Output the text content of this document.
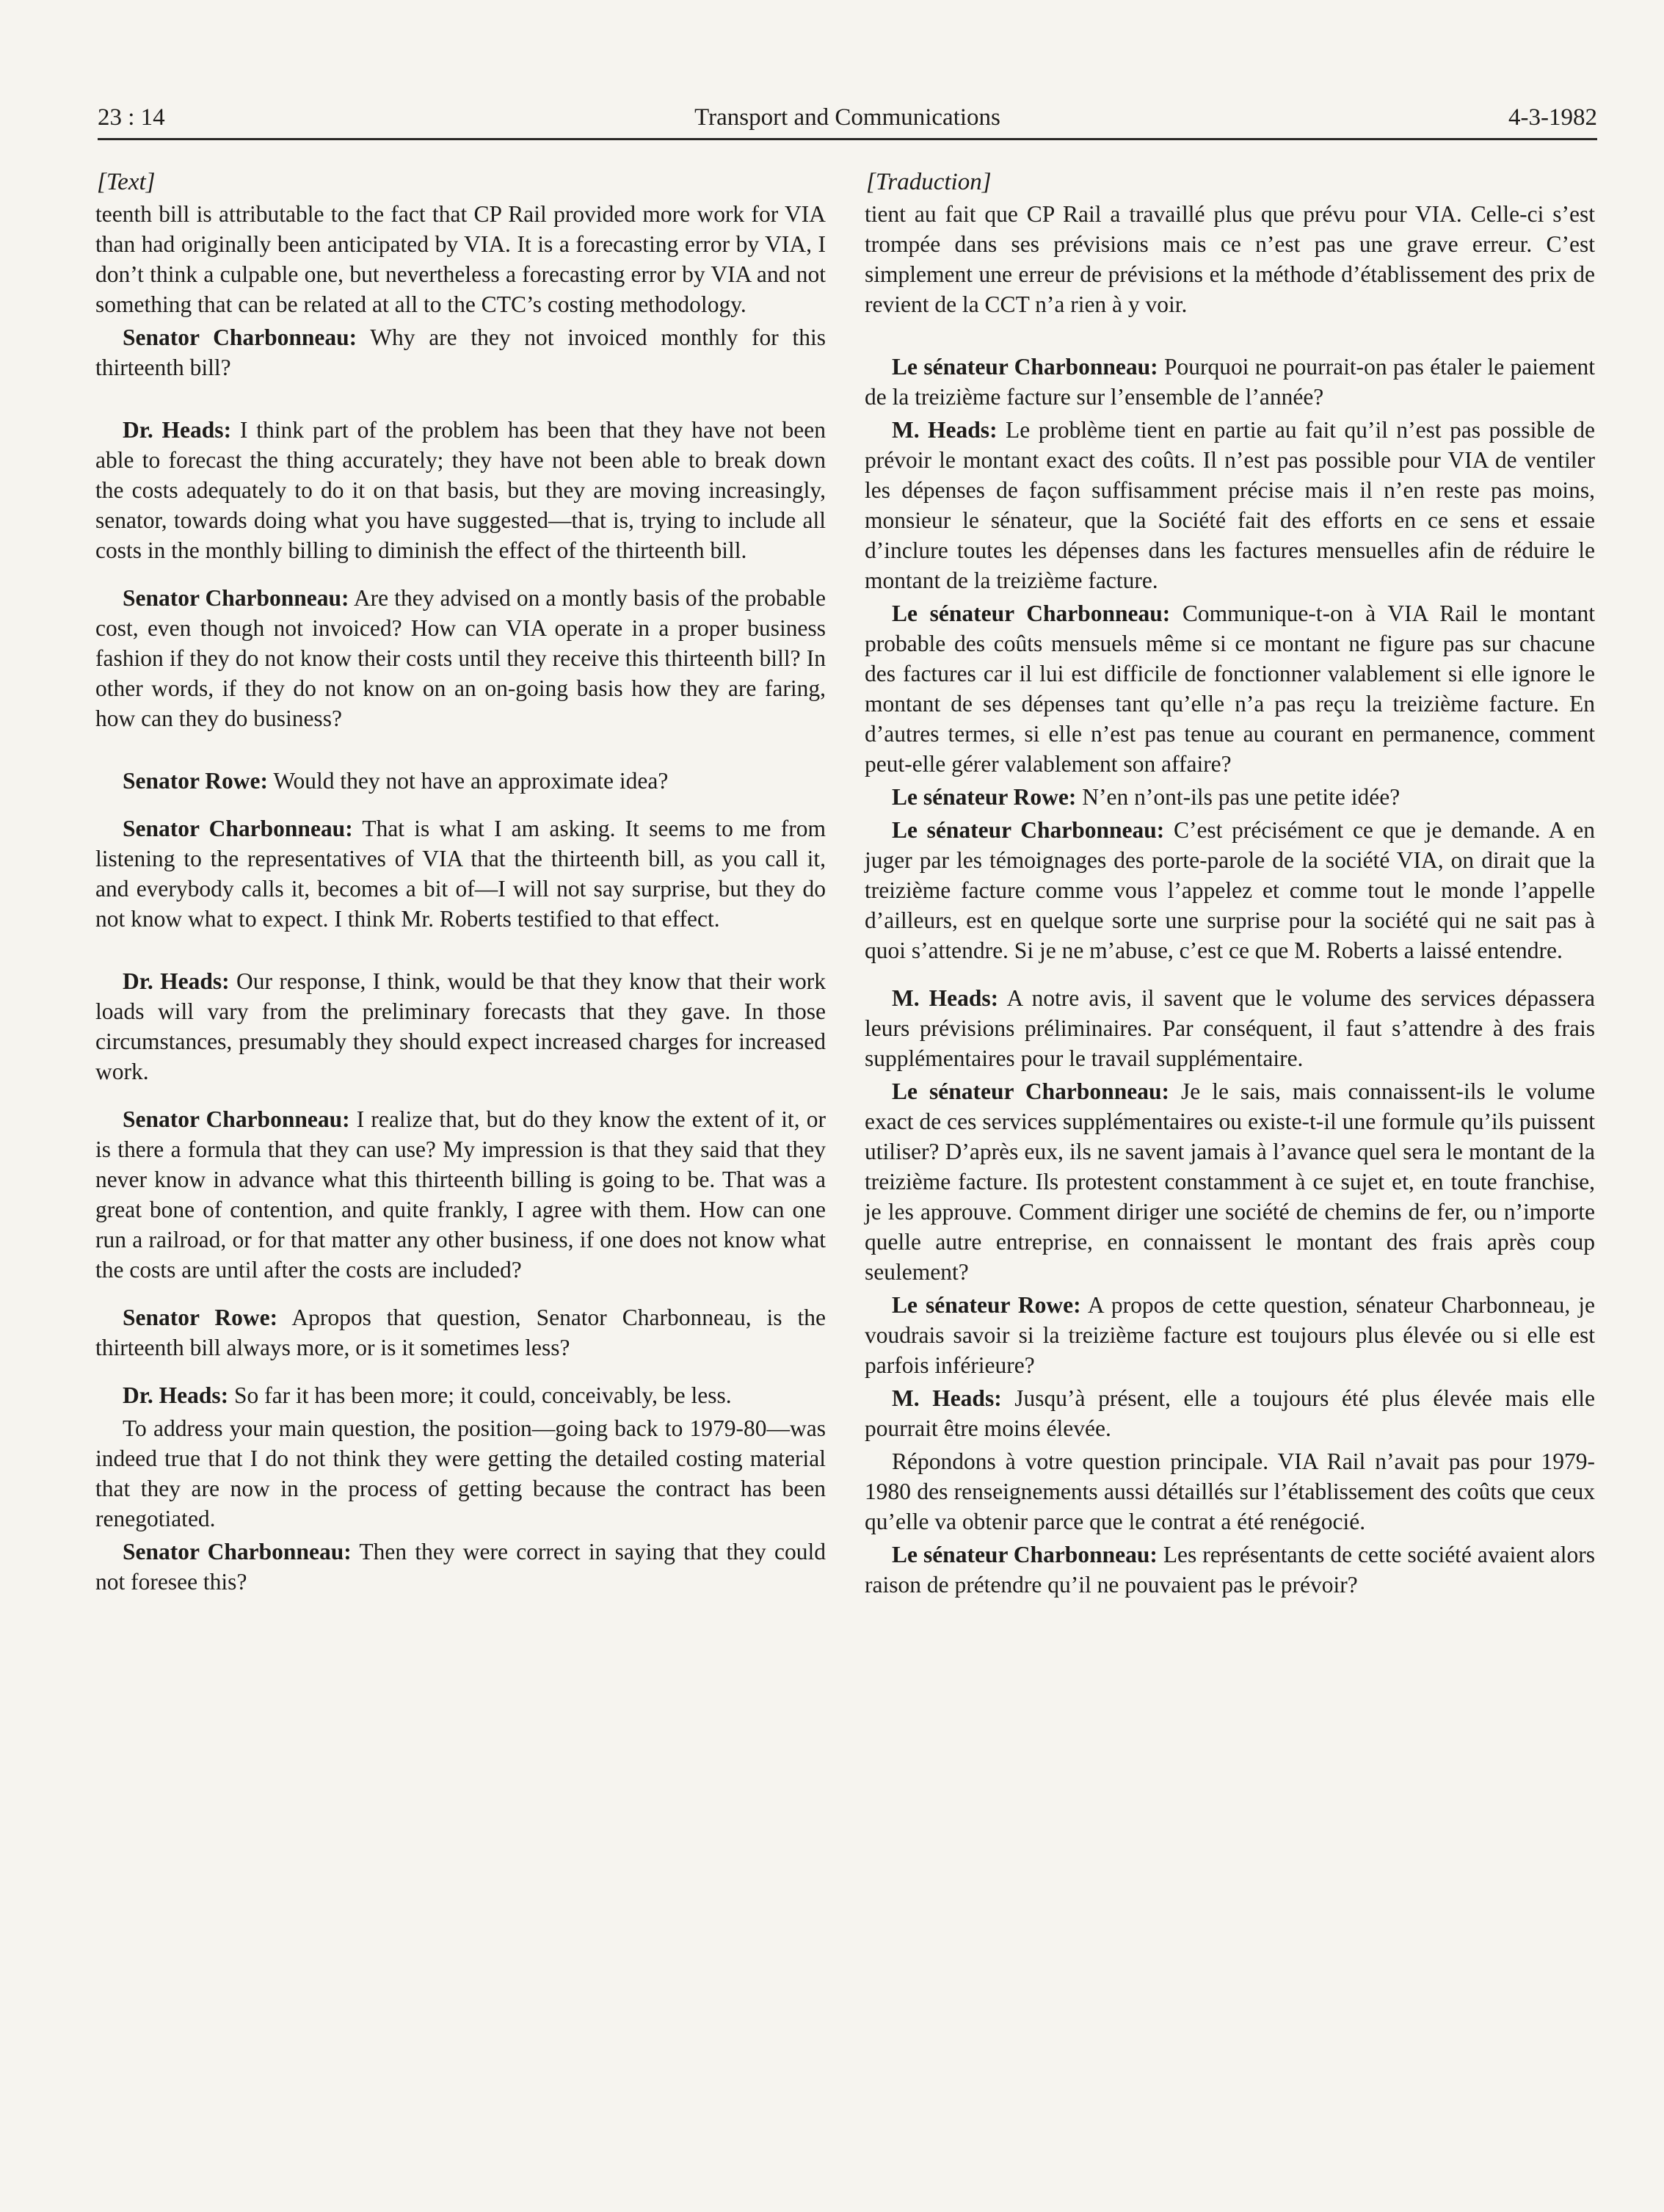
23 : 14	Transport and Communications	4-3-1982
[Text]

teenth bill is attributable to the fact that CP Rail provided more work for VIA than had originally been anticipated by VIA. It is a forecasting error by VIA, I don’t think a culpable one, but nevertheless a forecasting error by VIA and not something that can be related at all to the CTC’s costing methodology.

Senator Charbonneau: Why are they not invoiced monthly for this thirteenth bill?

Dr. Heads: I think part of the problem has been that they have not been able to forecast the thing accurately; they have not been able to break down the costs adequately to do it on that basis, but they are moving increasingly, senator, towards doing what you have suggested—that is, trying to include all costs in the monthly billing to diminish the effect of the thirteenth bill.

Senator Charbonneau: Are they advised on a montly basis of the probable cost, even though not invoiced? How can VIA operate in a proper business fashion if they do not know their costs until they receive this thirteenth bill? In other words, if they do not know on an on-going basis how they are faring, how can they do business?

Senator Rowe: Would they not have an approximate idea?

Senator Charbonneau: That is what I am asking. It seems to me from listening to the representatives of VIA that the thirteenth bill, as you call it, and everybody calls it, becomes a bit of—I will not say surprise, but they do not know what to expect. I think Mr. Roberts testified to that effect.

Dr. Heads: Our response, I think, would be that they know that their work loads will vary from the preliminary forecasts that they gave. In those circumstances, presumably they should expect increased charges for increased work.

Senator Charbonneau: I realize that, but do they know the extent of it, or is there a formula that they can use? My impression is that they said that they never know in advance what this thirteenth billing is going to be. That was a great bone of contention, and quite frankly, I agree with them. How can one run a railroad, or for that matter any other business, if one does not know what the costs are until after the costs are included?

Senator Rowe: Apropos that question, Senator Charbonneau, is the thirteenth bill always more, or is it sometimes less?

Dr. Heads: So far it has been more; it could, conceivably, be less.

To address your main question, the position—going back to 1979-80—was indeed true that I do not think they were getting the detailed costing material that they are now in the process of getting because the contract has been renegotiated.

Senator Charbonneau: Then they were correct in saying that they could not foresee this?

[Traduction]

tient au fait que CP Rail a travaillé plus que prévu pour VIA. Celle-ci s’est trompée dans ses prévisions mais ce n’est pas une grave erreur. C’est simplement une erreur de prévisions et la méthode d’établissement des prix de revient de la CCT n’a rien à y voir.

Le sénateur Charbonneau: Pourquoi ne pourrait-on pas étaler le paiement de la treizième facture sur l’ensemble de l’année?

M. Heads: Le problème tient en partie au fait qu’il n’est pas possible de prévoir le montant exact des coûts. Il n’est pas possible pour VIA de ventiler les dépenses de façon suffisamment précise mais il n’en reste pas moins, monsieur le sénateur, que la Société fait des efforts en ce sens et essaie d’inclure toutes les dépenses dans les factures mensuelles afin de réduire le montant de la treizième facture.

Le sénateur Charbonneau: Communique-t-on à VIA Rail le montant probable des coûts mensuels même si ce montant ne figure pas sur chacune des factures car il lui est difficile de fonctionner valablement si elle ignore le montant de ses dépenses tant qu’elle n’a pas reçu la treizième facture. En d’autres termes, si elle n’est pas tenue au courant en permanence, comment peut-elle gérer valablement son affaire?

Le sénateur Rowe: N’en n’ont-ils pas une petite idée?

Le sénateur Charbonneau: C’est précisément ce que je demande. A en juger par les témoignages des porte-parole de la société VIA, on dirait que la treizième facture comme vous l’appelez et comme tout le monde l’appelle d’ailleurs, est en quelque sorte une surprise pour la société qui ne sait pas à quoi s’attendre. Si je ne m’abuse, c’est ce que M. Roberts a laissé entendre.

M. Heads: A notre avis, il savent que le volume des services dépassera leurs prévisions préliminaires. Par conséquent, il faut s’attendre à des frais supplémentaires pour le travail supplémentaire.

Le sénateur Charbonneau: Je le sais, mais connaissent-ils le volume exact de ces services supplémentaires ou existe-t-il une formule qu’ils puissent utiliser? D’après eux, ils ne savent jamais à l’avance quel sera le montant de la treizième facture. Ils protestent constamment à ce sujet et, en toute franchise, je les approuve. Comment diriger une société de chemins de fer, ou n’importe quelle autre entreprise, en connaissent le montant des frais après coup seulement?

Le sénateur Rowe: A propos de cette question, sénateur Charbonneau, je voudrais savoir si la treizième facture est toujours plus élevée ou si elle est parfois inférieure?

M. Heads: Jusqu’à présent, elle a toujours été plus élevée mais elle pourrait être moins élevée.

Répondons à votre question principale. VIA Rail n’avait pas pour 1979-1980 des renseignements aussi détaillés sur l’établissement des coûts que ceux qu’elle va obtenir parce que le contrat a été renégocié.

Le sénateur Charbonneau: Les représentants de cette société avaient alors raison de prétendre qu’il ne pouvaient pas le prévoir?
